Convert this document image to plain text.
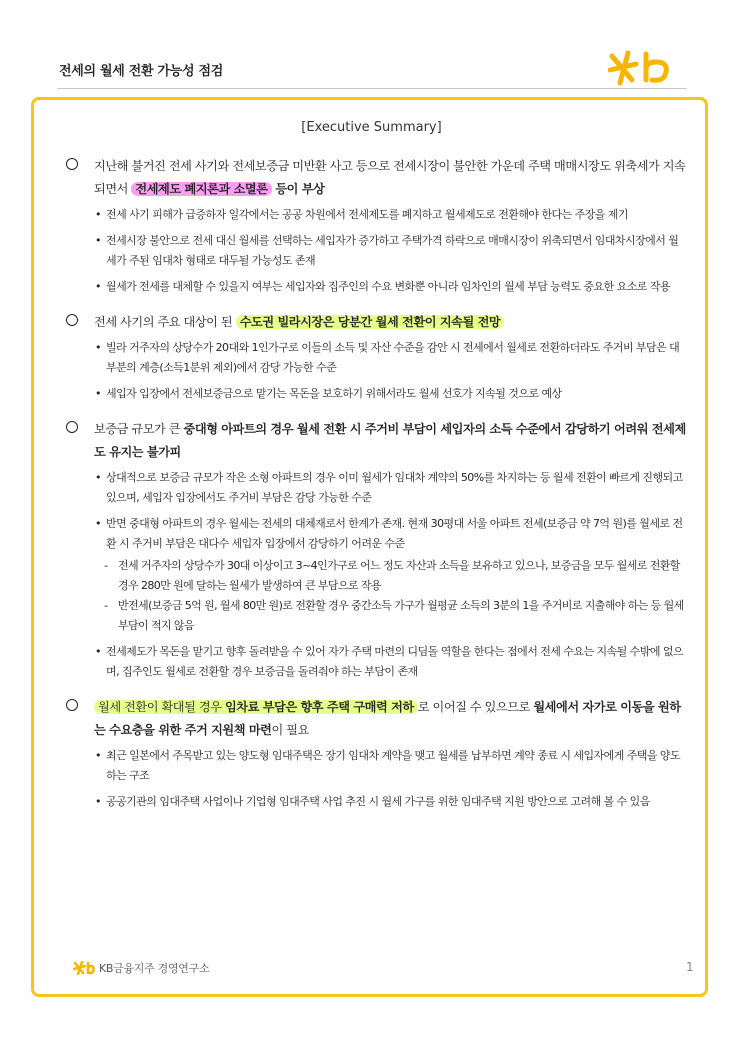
전세의 월세 전환 가능성 점검
[Executive Summary]
지난해 불거진 전세 사기와 전세보증금 미반환 사고 등으로 전세시장이 불안한 가운데 주택 매매시장도 위축세가 지속되면서 전세제도 폐지론과 소멸론 등이 부상
• 전세 사기 피해가 급증하자 일각에서는 공공 차원에서 전세제도를 폐지하고 월세제도로 전환해야 한다는 주장을 제기
• 전세시장 불안으로 전세 대신 월세를 선택하는 세입자가 증가하고 주택가격 하락으로 매매시장이 위축되면서 임대차시장에서 월세가 주된 임대차 형태로 대두될 가능성도 존재
• 월세가 전세를 대체할 수 있을지 여부는 세입자와 집주인의 수요 변화뿐 아니라 임차인의 월세 부담 능력도 중요한 요소로 작용
전세 사기의 주요 대상이 된 수도권 빌라시장은 당분간 월세 전환이 지속될 전망
• 빌라 거주자의 상당수가 20대와 1인가구로 이들의 소득 및 자산 수준을 감안 시 전세에서 월세로 전환하더라도 주거비 부담은 대부분의 계층(소득1분위 제외)에서 감당 가능한 수준
• 세입자 입장에서 전세보증금으로 맡기는 목돈을 보호하기 위해서라도 월세 선호가 지속될 것으로 예상
보증금 규모가 큰 중대형 아파트의 경우 월세 전환 시 주거비 부담이 세입자의 소득 수준에서 감당하기 어려워 전세제도 유지는 불가피
• 상대적으로 보증금 규모가 작은 소형 아파트의 경우 이미 월세가 임대차 계약의 50%를 차지하는 등 월세 전환이 빠르게 진행되고 있으며, 세입자 입장에서도 주거비 부담은 감당 가능한 수준
• 반면 중대형 아파트의 경우 월세는 전세의 대체재로서 한계가 존재. 현재 30평대 서울 아파트 전세(보증금 약 7억 원)를 월세로 전환 시 주거비 부담은 대다수 세입자 입장에서 감당하기 어려운 수준
- 전세 거주자의 상당수가 30대 이상이고 3~4인가구로 어느 정도 자산과 소득을 보유하고 있으나, 보증금을 모두 월세로 전환할 경우 280만 원에 달하는 월세가 발생하여 큰 부담으로 작용
- 반전세(보증금 5억 원, 월세 80만 원)로 전환할 경우 중간소득 가구가 월평균 소득의 3분의 1을 주거비로 지출해야 하는 등 월세 부담이 적지 않음
• 전세제도가 목돈을 맡기고 향후 돌려받을 수 있어 자가 주택 마련의 디딤돌 역할을 한다는 점에서 전세 수요는 지속될 수밖에 없으며, 집주인도 월세로 전환할 경우 보증금을 돌려줘야 하는 부담이 존재
월세 전환이 확대될 경우 임차료 부담은 향후 주택 구매력 저하 로 이어질 수 있으므로 월세에서 자가로 이동을 원하는 수요층을 위한 주거 지원책 마련이 필요
• 최근 일본에서 주목받고 있는 양도형 임대주택은 장기 임대차 계약을 맺고 월세를 납부하면 계약 종료 시 세입자에게 주택을 양도하는 구조
• 공공기관의 임대주택 사업이나 기업형 임대주택 사업 추진 시 월세 가구를 위한 임대주택 지원 방안으로 고려해 볼 수 있음
KB금융지주 경영연구소	1
